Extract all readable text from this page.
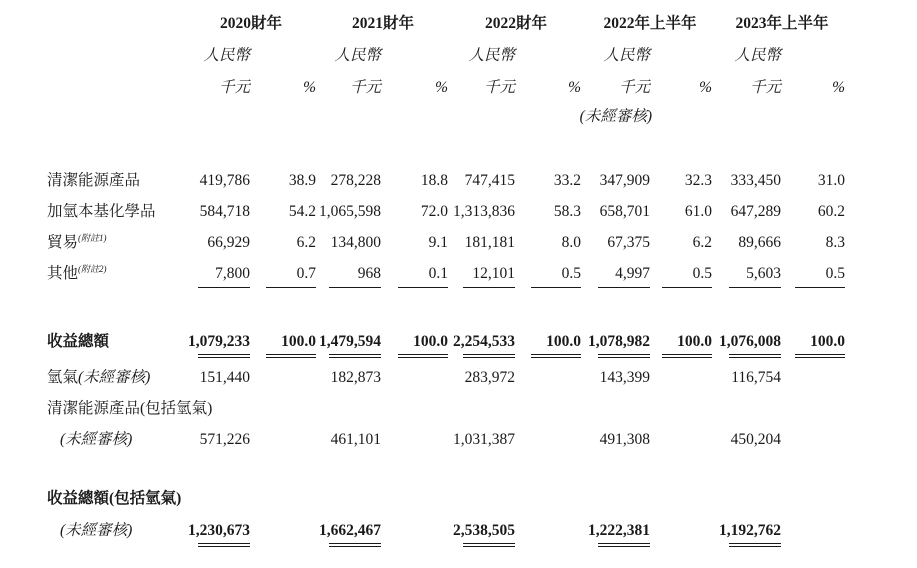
2020財年	2021財年	2022財年	2022年上半年	2023年上半年
人民幣	人民幣	人民幣	人民幣	人民幣
千元	千元	千元	千元	千元
%	%	%	%	%
(未經審核)
清潔能源產品	419,786	38.9 278,228	18.8	747,415	33.2	347,909	32.3	333,450	31.0
加氫本基化學品	584,718	54.2 1,065,598	72.0 1,313,836	58.3	658,701	61.0	647,289	60.2
貿易$^{(附註1)}$	66,929	6.2 134,800	9.1	181,181	8.0	67,375	6.2	89,666	8.3
其他$^{(附註2)}$	7,800	0.7	968	0.1	12,101	0.5	4,997	0.5	5,603	0.5
收益總額	1,079,233	100.0 1,479,594	100.0 2,254,533	100.0 1,078,982	100.0 1,076,008	100.0
氫氣(未經審核)	151,440	182,873	283,972	143,399	116,754
清潔能源產品(包括氫氣)
(未經審核)	571,226	461,101	1,031,387	491,308	450,204
收益總額(包括氫氣)
(未經審核)	1,230,673	1,662,467	2,538,505	1,222,381	1,192,762
